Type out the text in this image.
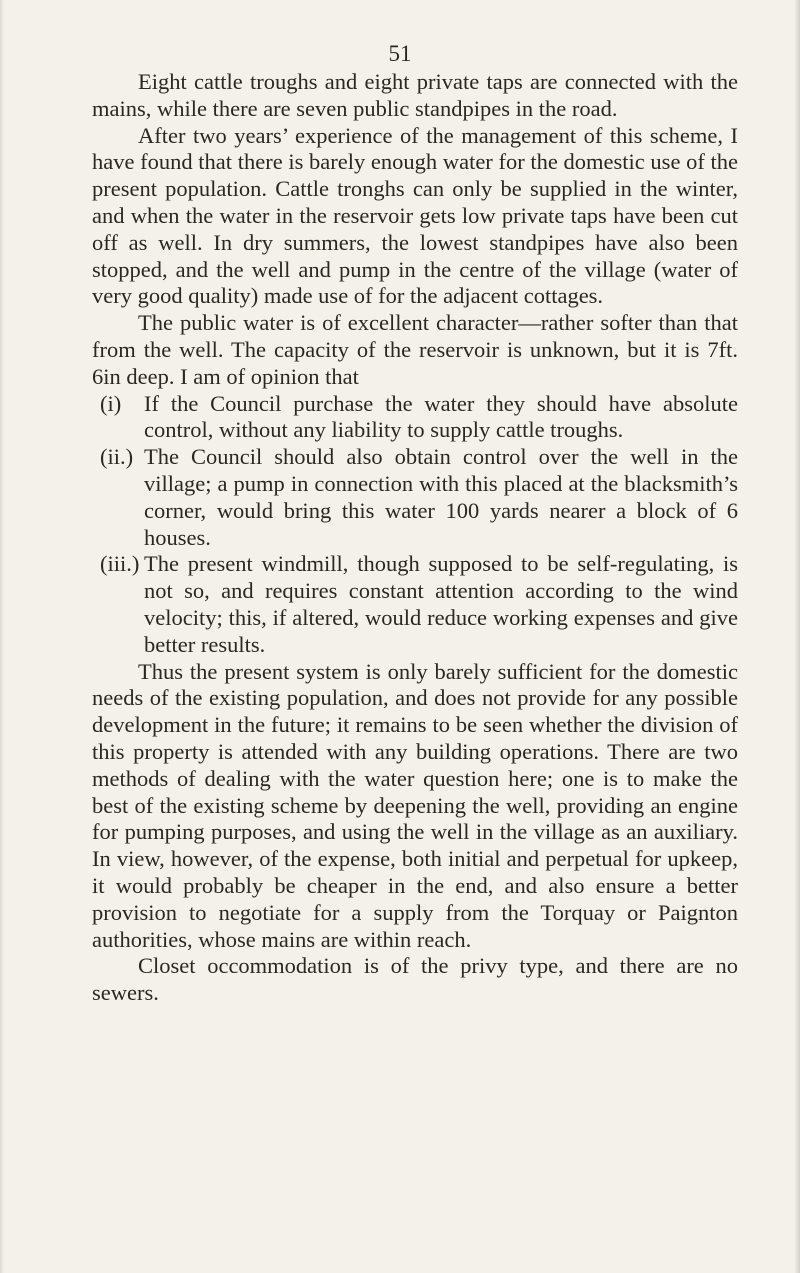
51

Eight cattle troughs and eight private taps are connected with the mains, while there are seven public standpipes in the road.

After two years’ experience of the management of this scheme, I have found that there is barely enough water for the domestic use of the present population. Cattle tronghs can only be supplied in the winter, and when the water in the reservoir gets low private taps have been cut off as well. In dry summers, the lowest standpipes have also been stopped, and the well and pump in the centre of the village (water of very good quality) made use of for the adjacent cottages.

The public water is of excellent character—rather softer than that from the well. The capacity of the reservoir is unknown, but it is 7ft. 6in deep. I am of opinion that

(i)	If the Council purchase the water they should have absolute control, without any liability to supply cattle troughs.
(ii.) The Council should also obtain control over the well in the village; a pump in connection with this placed at the blacksmith’s corner, would bring this water 100 yards nearer a block of 6 houses.
(iii.) The present windmill, though supposed to be self-regulating, is not so, and requires constant attention according to the wind velocity; this, if altered, would reduce working expenses and give better results.

Thus the present system is only barely sufficient for the domestic needs of the existing population, and does not provide for any possible development in the future; it remains to be seen whether the division of this property is attended with any building operations. There are two methods of dealing with the water question here; one is to make the best of the existing scheme by deepening the well, providing an engine for pumping purposes, and using the well in the village as an auxiliary. In view, however, of the expense, both initial and perpetual for upkeep, it would probably be cheaper in the end, and also ensure a better provision to negotiate for a supply from the Torquay or Paignton authorities, whose mains are within reach.

Closet occommodation is of the privy type, and there are no sewers.
